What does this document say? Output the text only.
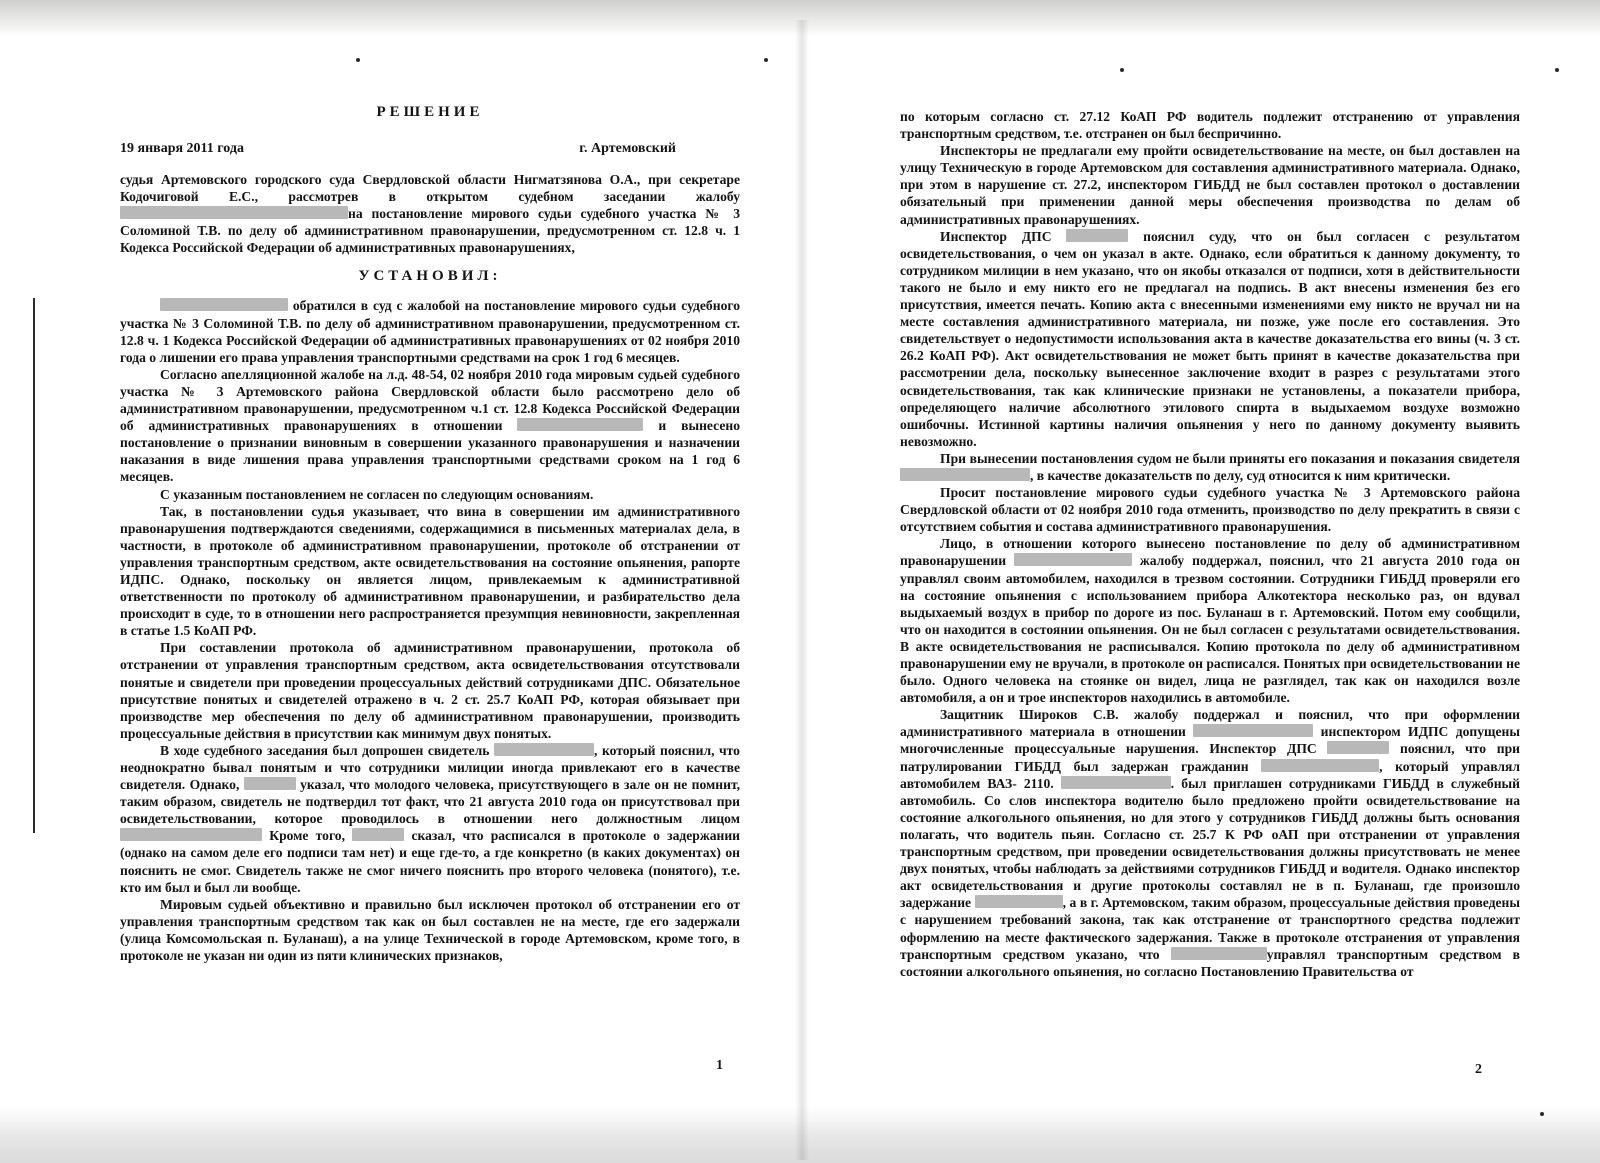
РЕШЕНИЕ
19 января 2011 года	г. Артемовский

судья Артемовского городского суда Свердловской области Нигматзянова О.А., при секретаре Кодочиговой Е.С., рассмотрев в открытом судебном заседании жалобу на постановление мирового судьи судебного участка № 3 Соломиной Т.В. по делу об административном правонарушении, предусмотренном ст. 12.8 ч. 1 Кодекса Российской Федерации об административных правонарушениях,

УСТАНОВИЛ:

обратился в суд с жалобой на постановление мирового судьи судебного участка № 3 Соломиной Т.В. по делу об административном правонарушении, предусмотренном ст. 12.8 ч. 1 Кодекса Российской Федерации об административных правонарушениях от 02 ноября 2010 года о лишении его права управления транспортными средствами на срок 1 год 6 месяцев.

Согласно апелляционной жалобе на л.д. 48-54, 02 ноября 2010 года мировым судьей судебного участка № 3 Артемовского района Свердловской области было рассмотрено дело об административном правонарушении, предусмотренном ч.1 ст. 12.8 Кодекса Российской Федерации об административных правонарушениях в отношении	и вынесено постановление о признании виновным в совершении указанного правонарушения и назначении наказания в виде лишения права управления транспортными средствами сроком на 1 год 6 месяцев.

С указанным постановлением не согласен по следующим основаниям.

Так, в постановлении судья указывает, что вина в совершении им административного правонарушения подтверждаются сведениями, содержащимися в письменных материалах дела, в частности, в протоколе об административном правонарушении, протоколе об отстранении от управления транспортным средством, акте освидетельствования на состояние опьянения, рапорте ИДПС. Однако, поскольку он является лицом, привлекаемым к административной ответственности по протоколу об административном правонарушении, и разбирательство дела происходит в суде, то в отношении него распространяется презумпция невиновности, закрепленная в статье 1.5 КоАП РФ.

При составлении протокола об административном правонарушении, протокола об отстранении от управления транспортным средством, акта освидетельствования отсутствовали понятые и свидетели при проведении процессуальных действий сотрудниками ДПС. Обязательное присутствие понятых и свидетелей отражено в ч. 2 ст. 25.7 КоАП РФ, которая обязывает при производстве мер обеспечения по делу об административном правонарушении, производить процессуальные действия в присутствии как минимум двух понятых.

В ходе судебного заседания был допрошен свидетель	, который пояснил, что неоднократно бывал понятым и что сотрудники милиции иногда привлекают его в качестве свидетеля. Однако,	указал, что молодого человека, присутствующего в зале он не помнит, таким образом, свидетель не подтвердил тот факт, что 21 августа 2010 года он присутствовал при освидетельствовании, которое проводилось в отношении него должностным лицом  Кроме того,	сказал, что расписался в протоколе о задержании (однако на самом деле его подписи там нет) и еще где-то, а где конкретно (в каких документах) он пояснить не смог. Свидетель также не смог ничего пояснить про второго человека (понятого), т.е. кто им был и был ли вообще.

Мировым судьей объективно и правильно был исключен протокол об отстранении его от управления транспортным средством так как он был составлен не на месте, где его задержали (улица Комсомольская п. Буланаш), а на улице Технической в городе Артемовском, кроме того, в протоколе не указан ни один из пяти клинических признаков,

1

по которым согласно ст. 27.12 КоАП РФ водитель подлежит отстранению от управления транспортным средством, т.е. отстранен он был беспричинно.

Инспекторы не предлагали ему пройти освидетельствование на месте, он был доставлен на улицу Техническую в городе Артемовском для составления административного материала. Однако, при этом в нарушение ст. 27.2, инспектором ГИБДД не был составлен протокол о доставлении обязательный при применении данной меры обеспечения производства по делам об административных правонарушениях.

Инспектор ДПС	пояснил суду, что он был согласен с результатом освидетельствования, о чем он указал в акте. Однако, если обратиться к данному документу, то сотрудником милиции в нем указано, что он якобы отказался от подписи, хотя в действительности такого не было и ему никто его не предлагал на подпись. В акт внесены изменения без его присутствия, имеется печать. Копию акта с внесенными изменениями ему никто не вручал ни на месте составления административного материала, ни позже, уже после его составления. Это свидетельствует о недопустимости использования акта в качестве доказательства его вины (ч. 3 ст. 26.2 КоАП РФ). Акт освидетельствования не может быть принят в качестве доказательства при рассмотрении дела, поскольку вынесенное заключение входит в разрез с результатами этого освидетельствования, так как клинические признаки не установлены, а показатели прибора, определяющего наличие абсолютного этилового спирта в выдыхаемом воздухе возможно ошибочны. Истинной картины наличия опьянения у него по данному документу выявить невозможно.

При вынесении постановления судом не были приняты его показания и показания свидетеля , в качестве доказательств по делу, суд относится к ним критически.

Просит постановление мирового судьи судебного участка № 3 Артемовского района Свердловской области от 02 ноября 2010 года отменить, производство по делу прекратить в связи с отсутствием события и состава административного правонарушения.

Лицо, в отношении которого вынесено постановление по делу об административном правонарушении	жалобу поддержал, пояснил, что 21 августа 2010 года он управлял своим автомобилем, находился в трезвом состоянии. Сотрудники ГИБДД проверяли его на состояние опьянения с использованием прибора Алкотектора несколько раз, он вдувал выдыхаемый воздух в прибор по дороге из пос. Буланаш в г. Артемовский. Потом ему сообщили, что он находится в состоянии опьянения. Он не был согласен с результатами освидетельствования. В акте освидетельствования не расписывался. Копию протокола по делу об административном правонарушении ему не вручали, в протоколе он расписался. Понятых при освидетельствовании не было. Одного человека на стоянке он видел, лица не разглядел, так как он находился возле автомобиля, а он и трое инспекторов находились в автомобиле.

Защитник Широков С.В. жалобу поддержал и пояснил, что при оформлении административного материала в отношении	инспектором ИДПС допущены многочисленные процессуальные нарушения. Инспектор ДПС	пояснил, что при патрулировании ГИБДД был задержан гражданин	, который управлял автомобилем ВАЗ- 2110.	. был приглашен сотрудниками ГИБДД в служебный автомобиль. Со слов инспектора водителю было предложено пройти освидетельствование на состояние алкогольного опьянения, но для этого у сотрудников ГИБДД должны быть основания полагать, что водитель пьян. Согласно ст. 25.7 К РФ оАП при отстранении от управления транспортным средством, при проведении освидетельствования должны присутствовать не менее двух понятых, чтобы наблюдать за действиями сотрудников ГИБДД и водителя. Однако инспектор акт освидетельствования и другие протоколы составлял не в п. Буланаш, где произошло задержание	, а в г. Артемовском, таким образом, процессуальные действия проведены с нарушением требований закона, так как отстранение от транспортного средства подлежит оформлению на месте фактического задержания. Также в протоколе отстранения от управления транспортным средством указано, что	управлял транспортным средством в состоянии алкогольного опьянения, но согласно Постановлению Правительства от

2
